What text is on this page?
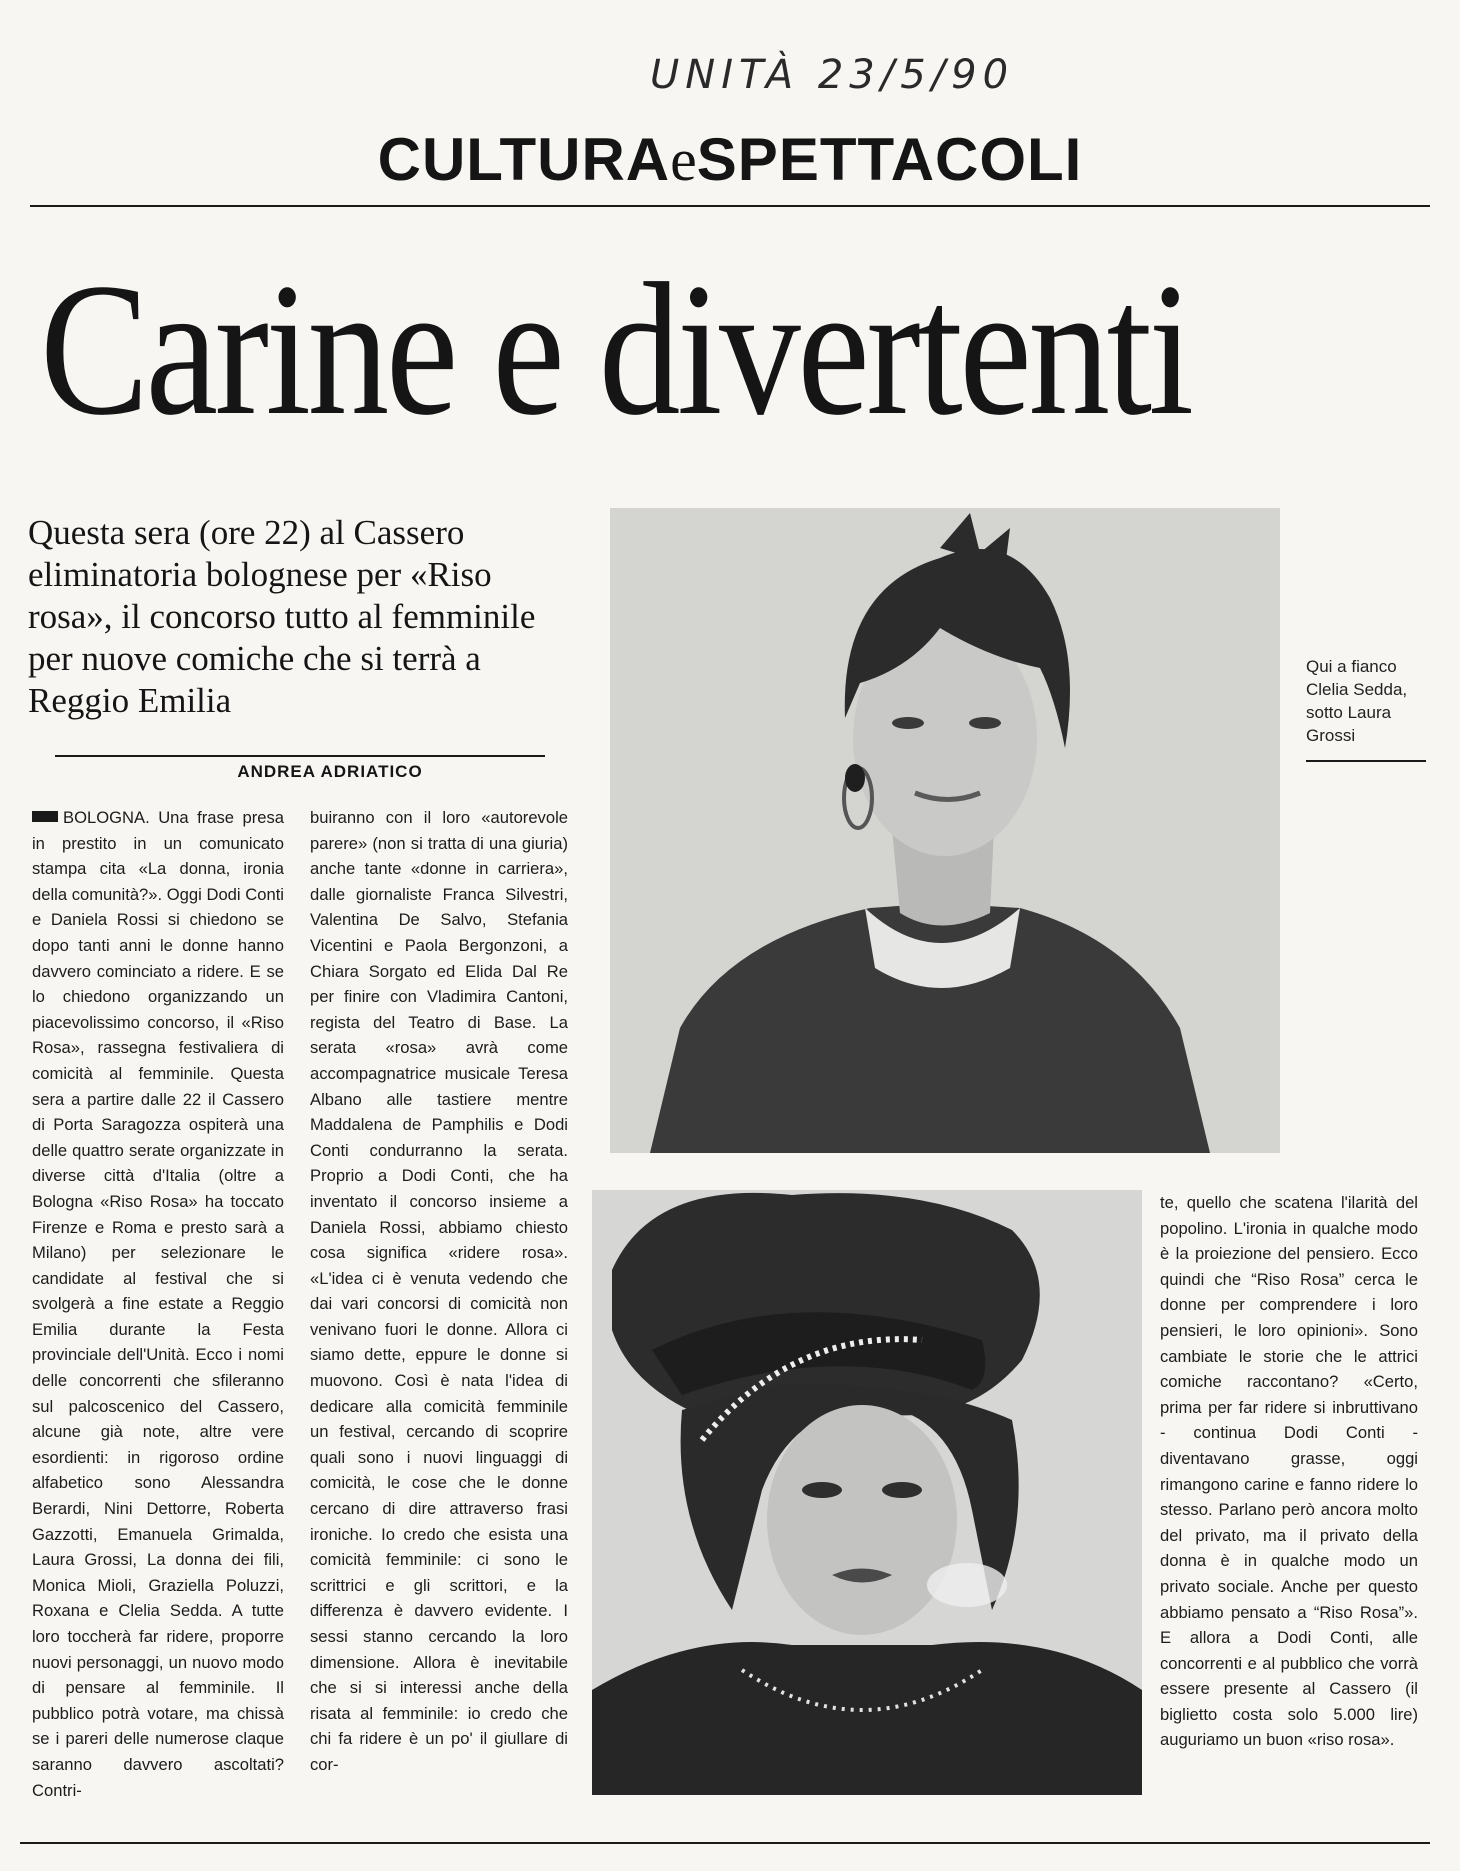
UNITÀ 23/5/90
CULTURAeSPETTACOLI
Carine e divertenti
Questa sera (ore 22) al Cassero eliminatoria bolognese per «Riso rosa», il concorso tutto al femminile per nuove comiche che si terrà a Reggio Emilia
ANDREA ADRIATICO
BOLOGNA. Una frase presa in prestito in un comunicato stampa cita «La donna, ironia della comunità?». Oggi Dodi Conti e Daniela Rossi si chiedono se dopo tanti anni le donne hanno davvero cominciato a ridere. E se lo chiedono organizzando un piacevolissimo concorso, il «Riso Rosa», rassegna festivaliera di comicità al femminile. Questa sera a partire dalle 22 il Cassero di Porta Saragozza ospiterà una delle quattro serate organizzate in diverse città d'Italia (oltre a Bologna «Riso Rosa» ha toccato Firenze e Roma e presto sarà a Milano) per selezionare le candidate al festival che si svolgerà a fine estate a Reggio Emilia durante la Festa provinciale dell'Unità. Ecco i nomi delle concorrenti che sfileranno sul palcoscenico del Cassero, alcune già note, altre vere esordienti: in rigoroso ordine alfabetico sono Alessandra Berardi, Nini Dettorre, Roberta Gazzotti, Emanuela Grimalda, Laura Grossi, La donna dei fili, Monica Mioli, Graziella Poluzzi, Roxana e Clelia Sedda. A tutte loro toccherà far ridere, proporre nuovi personaggi, un nuovo modo di pensare al femminile. Il pubblico potrà votare, ma chissà se i pareri delle numerose claque saranno davvero ascoltati? Contri-
buiranno con il loro «autorevole parere» (non si tratta di una giuria) anche tante «donne in carriera», dalle giornaliste Franca Silvestri, Valentina De Salvo, Stefania Vicentini e Paola Bergonzoni, a Chiara Sorgato ed Elida Dal Re per finire con Vladimira Cantoni, regista del Teatro di Base. La serata «rosa» avrà come accompagnatrice musicale Teresa Albano alle tastiere mentre Maddalena de Pamphilis e Dodi Conti condurranno la serata. Proprio a Dodi Conti, che ha inventato il concorso insieme a Daniela Rossi, abbiamo chiesto cosa significa «ridere rosa». «L'idea ci è venuta vedendo che dai vari concorsi di comicità non venivano fuori le donne. Allora ci siamo dette, eppure le donne si muovono. Così è nata l'idea di dedicare alla comicità femminile un festival, cercando di scoprire quali sono i nuovi linguaggi di comicità, le cose che le donne cercano di dire attraverso frasi ironiche. Io credo che esista una comicità femminile: ci sono le scrittrici e gli scrittori, e la differenza è davvero evidente. I sessi stanno cercando la loro dimensione. Allora è inevitabile che si si interessi anche della risata al femminile: io credo che chi fa ridere è un po' il giullare di cor-
te, quello che scatena l'ilarità del popolino. L'ironia in qualche modo è la proiezione del pensiero. Ecco quindi che “Riso Rosa” cerca le donne per comprendere i loro pensieri, le loro opinioni». Sono cambiate le storie che le attrici comiche raccontano? «Certo, prima per far ridere si inbruttivano - continua Dodi Conti - diventavano grasse, oggi rimangono carine e fanno ridere lo stesso. Parlano però ancora molto del privato, ma il privato della donna è in qualche modo un privato sociale. Anche per questo abbiamo pensato a “Riso Rosa”». E allora a Dodi Conti, alle concorrenti e al pubblico che vorrà essere presente al Cassero (il biglietto costa solo 5.000 lire) auguriamo un buon «riso rosa».
Qui a fianco Clelia Sedda, sotto Laura Grossi
